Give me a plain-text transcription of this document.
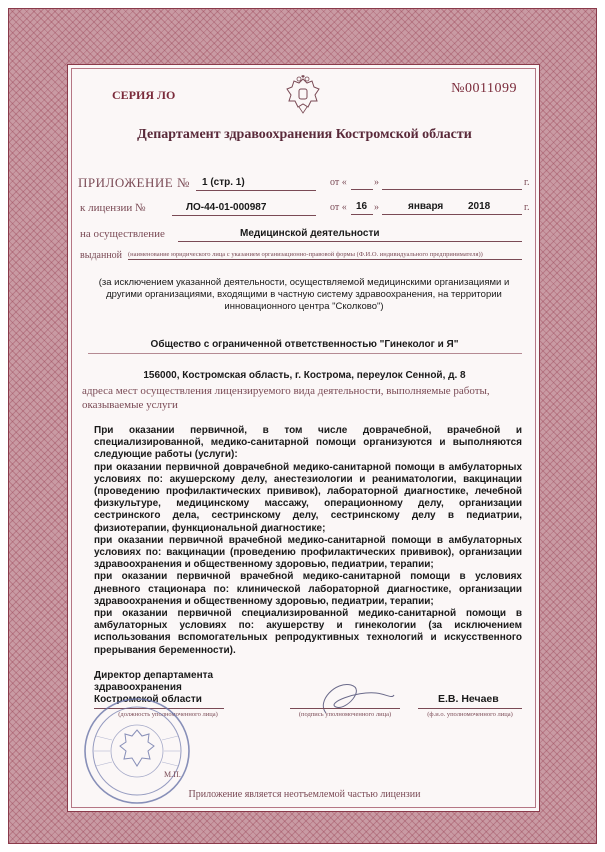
СЕРИЯ ЛО	№0011099
Департамент здравоохранения Костромской области
ПРИЛОЖЕНИЕ № 1 (стр. 1)	от «	»	г.
к лицензии №	ЛО-44-01-000987	от « 16 »	января 2018	г.
на осуществление	Медицинской деятельности
выданной (наименование юридического лица с указанием организационно-правовой формы (Ф.И.О. индивидуального предпринимателя))
(за исключением указанной деятельности, осуществляемой медицинскими организациями и другими организациями, входящими в частную систему здравоохранения, на территории инновационного центра "Сколково")
Общество с ограниченной ответственностью "Гинеколог и Я"
156000, Костромская область, г. Кострома, переулок Сенной, д. 8
адреса мест осуществления лицензируемого вида деятельности, выполняемые работы, оказываемые услуги
При оказании первичной, в том числе доврачебной, врачебной и специализированной, медико-санитарной помощи организуются и выполняются следующие работы (услуги):
при оказании первичной доврачебной медико-санитарной помощи в амбулаторных условиях по: акушерскому делу, анестезиологии и реаниматологии, вакцинации (проведению профилактических прививок), лабораторной диагностике, лечебной физкультуре, медицинскому массажу, операционному делу, организации сестринского дела, сестринскому делу, сестринскому делу в педиатрии, физиотерапии, функциональной диагностике;
при оказании первичной врачебной медико-санитарной помощи в амбулаторных условиях по: вакцинации (проведению профилактических прививок), организации здравоохранения и общественному здоровью, педиатрии, терапии;
при оказании первичной врачебной медико-санитарной помощи в условиях дневного стационара по: клинической лабораторной диагностике, организации здравоохранения и общественному здоровью, педиатрии, терапии;
при оказании первичной специализированной медико-санитарной помощи в амбулаторных условиях по: акушерству и гинекологии (за исключением использования вспомогательных репродуктивных технологий и искусственного прерывания беременности).
Директор департамента здравоохранения Костромской области
(должность уполномоченного лица)	(подпись уполномоченного лица)
Е.В. Нечаев
(ф.и.о. уполномоченного лица)
М.П.
Приложение является неотъемлемой частью лицензии
